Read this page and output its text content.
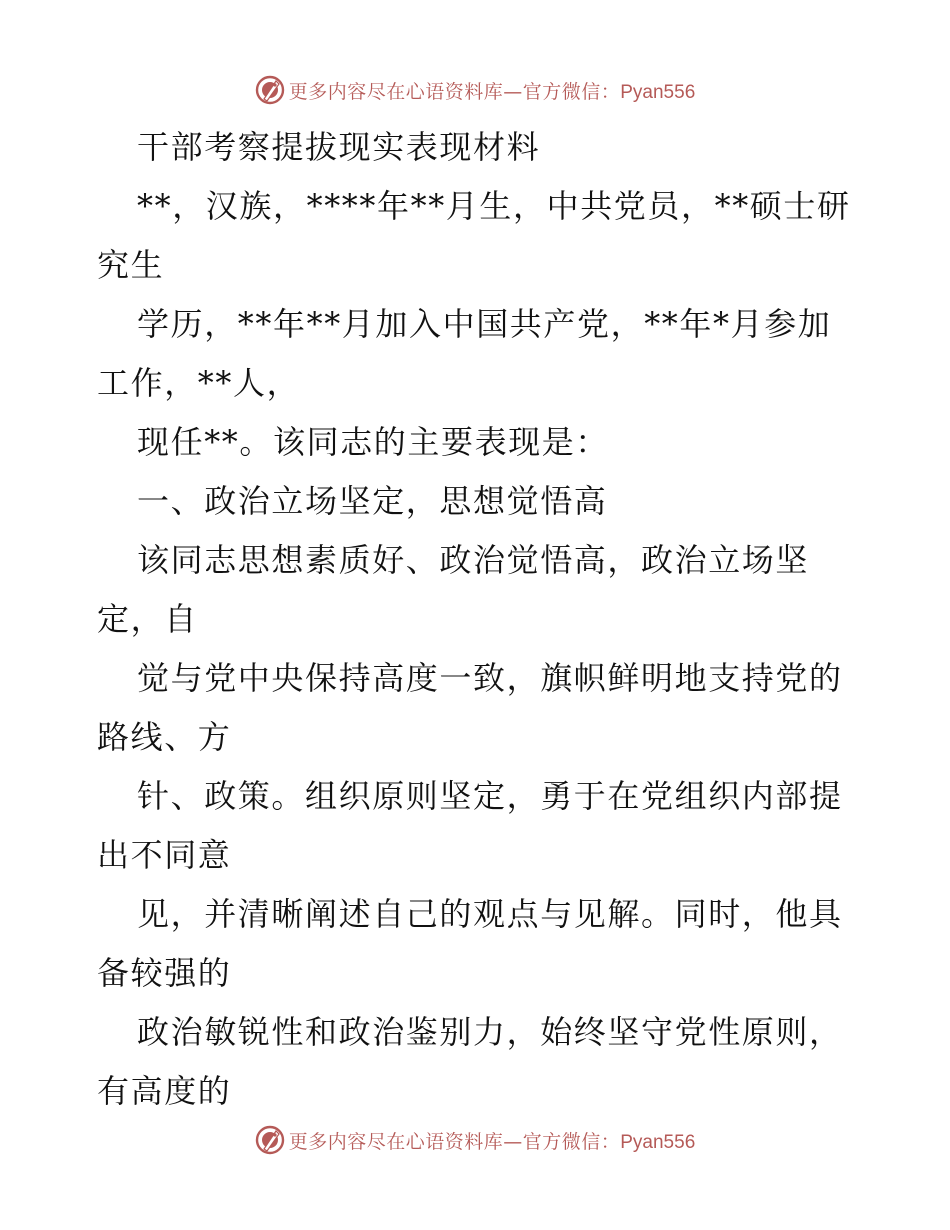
更多内容尽在心语资料库—官方微信：Pyan556
干部考察提拔现实表现材料
**，汉族，****年**月生，中共党员，**硕士研
究生
学历，**年**月加入中国共产党，**年*月参加
工作，**人，
现任**。该同志的主要表现是：
一、政治立场坚定，思想觉悟高
该同志思想素质好、政治觉悟高，政治立场坚
定，自
觉与党中央保持高度一致，旗帜鲜明地支持党的
路线、方
针、政策。组织原则坚定，勇于在党组织内部提
出不同意
见，并清晰阐述自己的观点与见解。同时，他具
备较强的
政治敏锐性和政治鉴别力，始终坚守党性原则，
有高度的
更多内容尽在心语资料库—官方微信：Pyan556
